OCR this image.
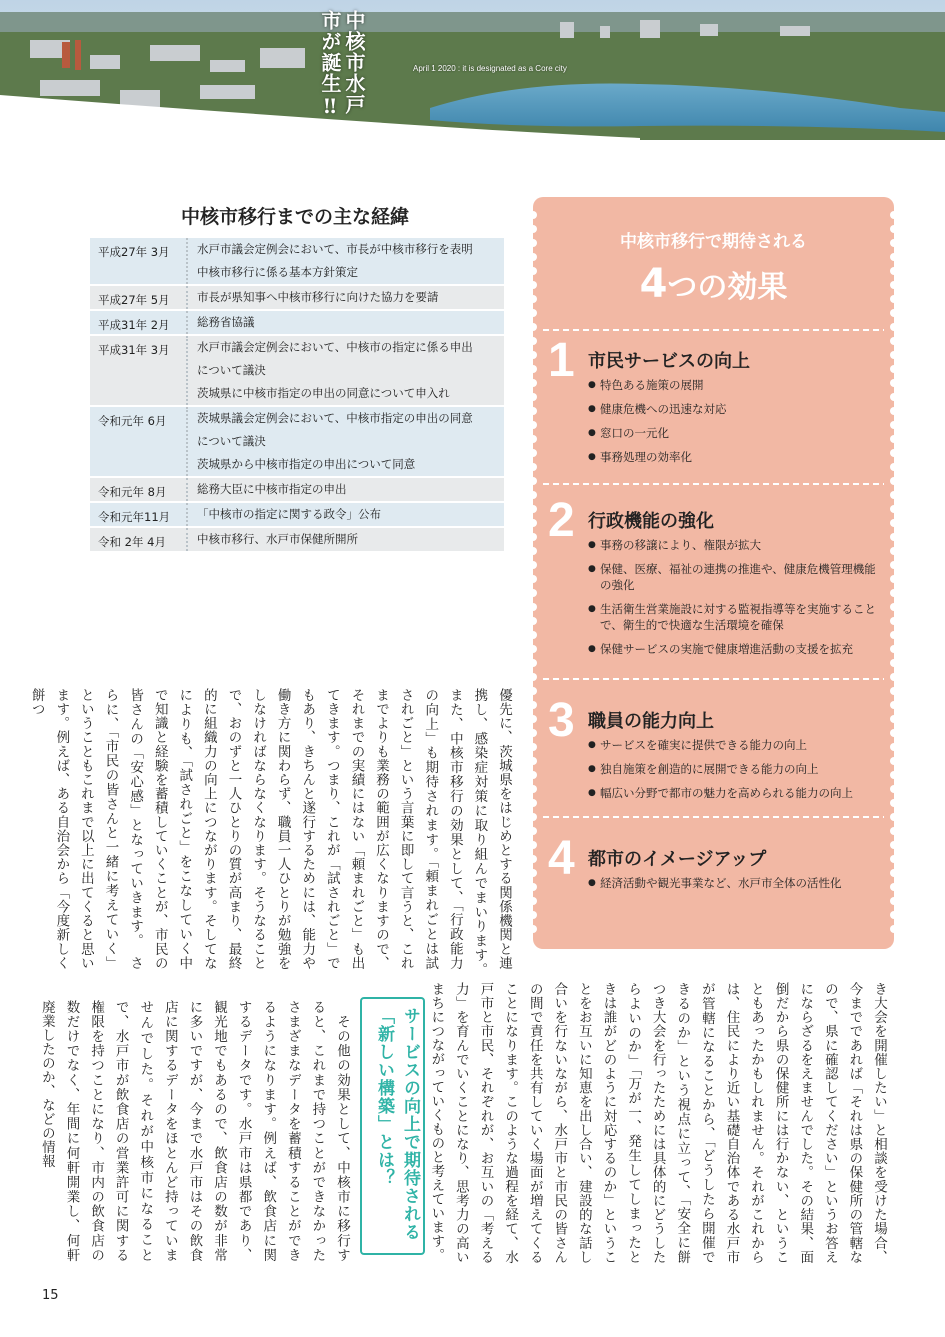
中核市水戸市が誕生‼	April 1 2020 : it is designated as a Core city
中核市移行までの主な経緯
平成27年 3月	水戸市議会定例会において、市長が中核市移行を表明
中核市移行に係る基本方針策定
平成27年 5月	市長が県知事へ中核市移行に向けた協力を要請
平成31年 2月	総務省協議
平成31年 3月	水戸市議会定例会において、中核市の指定に係る申出
について議決
茨城県に中核市指定の申出の同意について申入れ
令和元年 6月	茨城県議会定例会において、中核市指定の申出の同意
について議決
茨城県から中核市指定の申出について同意
令和元年 8月	総務大臣に中核市指定の申出
令和元年11月	「中核市の指定に関する政令」公布
令和 2年 4月	中核市移行、水戸市保健所開所
中核市移行で期待される
4つの効果
1 市民サービスの向上
● 特色ある施策の展開
● 健康危機への迅速な対応
● 窓口の一元化
● 事務処理の効率化
2 行政機能の強化
● 事務の移譲により、権限が拡大
● 保健、医療、福祉の連携の推進や、健康危機管理機能の強化
● 生活衛生営業施設に対する監視指導等を実施することで、衛生的で快適な生活環境を確保
● 保健サービスの実施で健康増進活動の支援を拡充
3 職員の能力向上
● サービスを確実に提供できる能力の向上
● 独自施策を創造的に展開できる能力の向上
● 幅広い分野で都市の魅力を高められる能力の向上
4 都市のイメージアップ
● 経済活動や観光事業など、水戸市全体の活性化
優先に、茨城県をはじめとする関係機関と連携し、感染症対策に取り組んでまいります。　また、中核市移行の効果として、「行政能力の向上」も期待されます。「頼まれごとは試されごと」という言葉に即して言うと、これまでよりも業務の範囲が広くなりますので、それまでの実績にはない「頼まれごと」も出てきます。つまり、これが「試されごと」でもあり、きちんと遂行するためには、能力や働き方に関わらず、職員一人ひとりが勉強をしなければならなくなります。そうなることで、おのずと一人ひとりの質が高まり、最終的に組織力の向上につながります。そしてなによりも、「試されごと」をこなしていく中で知識と経験を蓄積していくことが、市民の皆さんの「安心感」となっていきます。　さらに、「市民の皆さんと一緒に考えていく」ということもこれまで以上に出てくると思います。例えば、ある自治会から「今度新しく餅つ
き大会を開催したい」と相談を受けた場合、今までであれば「それは県の保健所の管轄なので、県に確認してください」というお答えにならざるをえませんでした。その結果、面倒だから県の保健所には行かない、ということもあったかもしれません。それがこれからは、住民により近い基礎自治体である水戸市が管轄になることから、「どうしたら開催できるのか」という視点に立って、「安全に餅つき大会を行ったためには具体的にどうしたらよいのか」「万が一、発生してしまったときは誰がどのように対応するのか」ということをお互いに知恵を出し合い、建設的な話し合いを行ないながら、水戸市と市民の皆さんの間で責任を共有していく場面が増えてくることになります。このような過程を経て、水戸市と市民、それぞれが、お互いの「考える力」を育んでいくことになり、思考力の高いまちにつながっていくものと考えています。
サービスの向上で期待される「新しい構築」とは？
　その他の効果として、中核市に移行すると、これまで持つことができなかったさまざまなデータを蓄積することができるようになります。例えば、飲食店に関するデータです。水戸市は県都であり、観光地でもあるので、飲食店の数が非常に多いですが、今まで水戸市はその飲食店に関するデータをほとんど持っていませんでした。それが中核市になることで、水戸市が飲食店の営業許可に関する権限を持つことになり、市内の飲食店の数だけでなく、年間に何軒開業し、何軒廃業したのか、などの情報
15
